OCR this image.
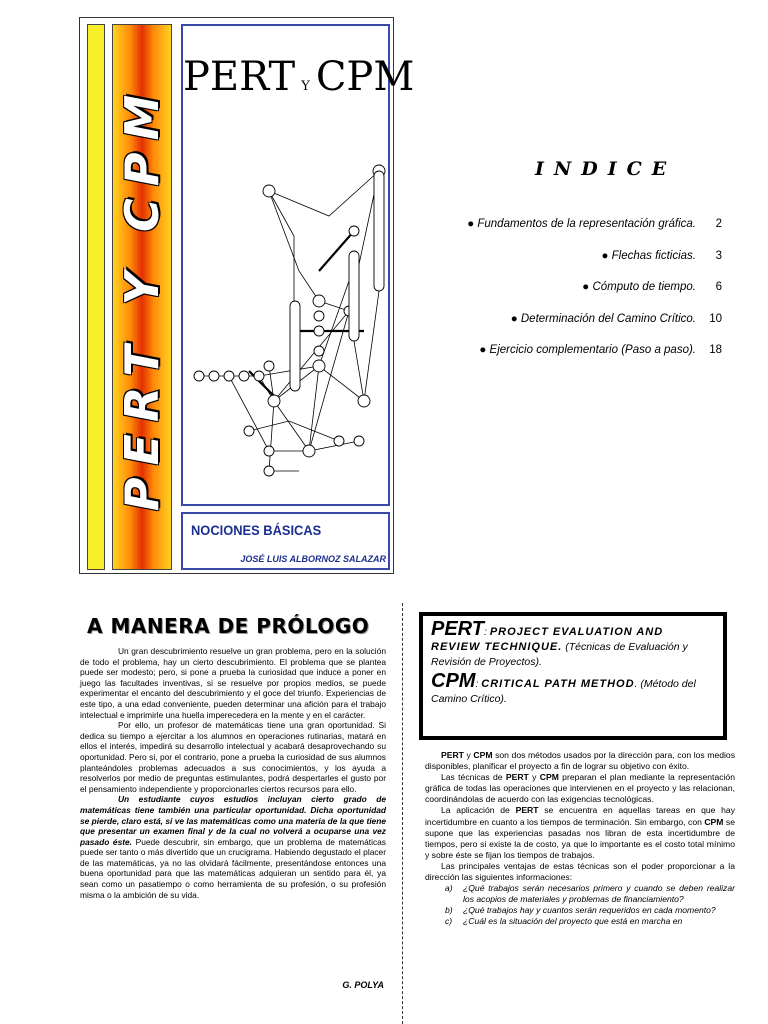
PERT Y CPM
PERT Y CPM
NOCIONES BÁSICAS
JOSÉ LUIS ALBORNOZ SALAZAR
INDICE
● Fundamentos de la representación gráfica.	2
● Flechas ficticias.	3
● Cómputo de tiempo.	6
● Determinación del Camino Crítico.	10
● Ejercicio complementario (Paso a paso).	18
A MANERA DE PRÓLOGO

Un gran descubrimiento resuelve un gran problema, pero en la solución de todo el problema, hay un cierto descubrimiento. El problema que se plantea puede ser modesto; pero, si pone a prueba la curiosidad que induce a poner en juego las facultades inventivas, si se resuelve por propios medios, se puede experimentar el encanto del descubrimiento y el goce del triunfo. Experiencias de este tipo, a una edad conveniente, pueden determinar una afición para el trabajo intelectual e imprimirle una huella imperecedera en la mente y en el carácter.

Por ello, un profesor de matemáticas tiene una gran oportunidad. Si dedica su tiempo a ejercitar a los alumnos en operaciones rutinarias, matará en ellos el interés, impedirá su desarrollo intelectual y acabará desaprovechando su oportunidad. Pero si, por el contrario, pone a prueba la curiosidad de sus alumnos planteándoles problemas adecuados a sus conocimientos, y los ayuda a resolverlos por medio de preguntas estimulantes, podrá despertarles el gusto por el pensamiento independiente y proporcionarles ciertos recursos para ello.

Un estudiante cuyos estudios incluyan cierto grado de matemáticas tiene también una particular oportunidad. Dicha oportunidad se pierde, claro está, si ve las matemáticas como una materia de la que tiene que presentar un examen final y de la cual no volverá a ocuparse una vez pasado éste. Puede descubrir, sin embargo, que un problema de matemáticas puede ser tanto o más divertido que un crucigrama. Habiendo degustado el placer de las matemáticas, ya no las olvidará fácilmente, presentándose entonces una buena oportunidad para que las matemáticas adquieran un sentido para él, ya sean como un pasatiempo o como herramienta de su profesión, o su profesión misma o la ambición de su vida.

G. POLYA
PERT: PROJECT EVALUATION AND REVIEW TECHNIQUE. (Técnicas de Evaluación y Revisión de Proyectos).
CPM: CRITICAL PATH METHOD. (Método del Camino Crítico).

PERT y CPM son dos métodos usados por la dirección para, con los medios disponibles, planificar el proyecto a fin de lograr su objetivo con éxito.

Las técnicas de PERT y CPM preparan el plan mediante la representación gráfica de todas las operaciones que intervienen en el proyecto y las relacionan, coordinándolas de acuerdo con las exigencias tecnológicas.

La aplicación de PERT se encuentra en aquellas tareas en que hay incertidumbre en cuanto a los tiempos de terminación. Sin embargo, con CPM se supone que las experiencias pasadas nos libran de esta incertidumbre de tiempos, pero si existe la de costo, ya que lo importante es el costo total mínimo y sobre éste se fijan los tiempos de trabajos.

Las principales ventajas de estas técnicas son el poder proporcionar a la dirección las siguientes informaciones:

a) ¿Qué trabajos serán necesarios primero y cuando se deben realizar los acopios de materiales y problemas de financiamiento?
b) ¿Qué trabajos hay y cuantos serán requeridos en cada momento?
c) ¿Cuál es la situación del proyecto que está en marcha en
